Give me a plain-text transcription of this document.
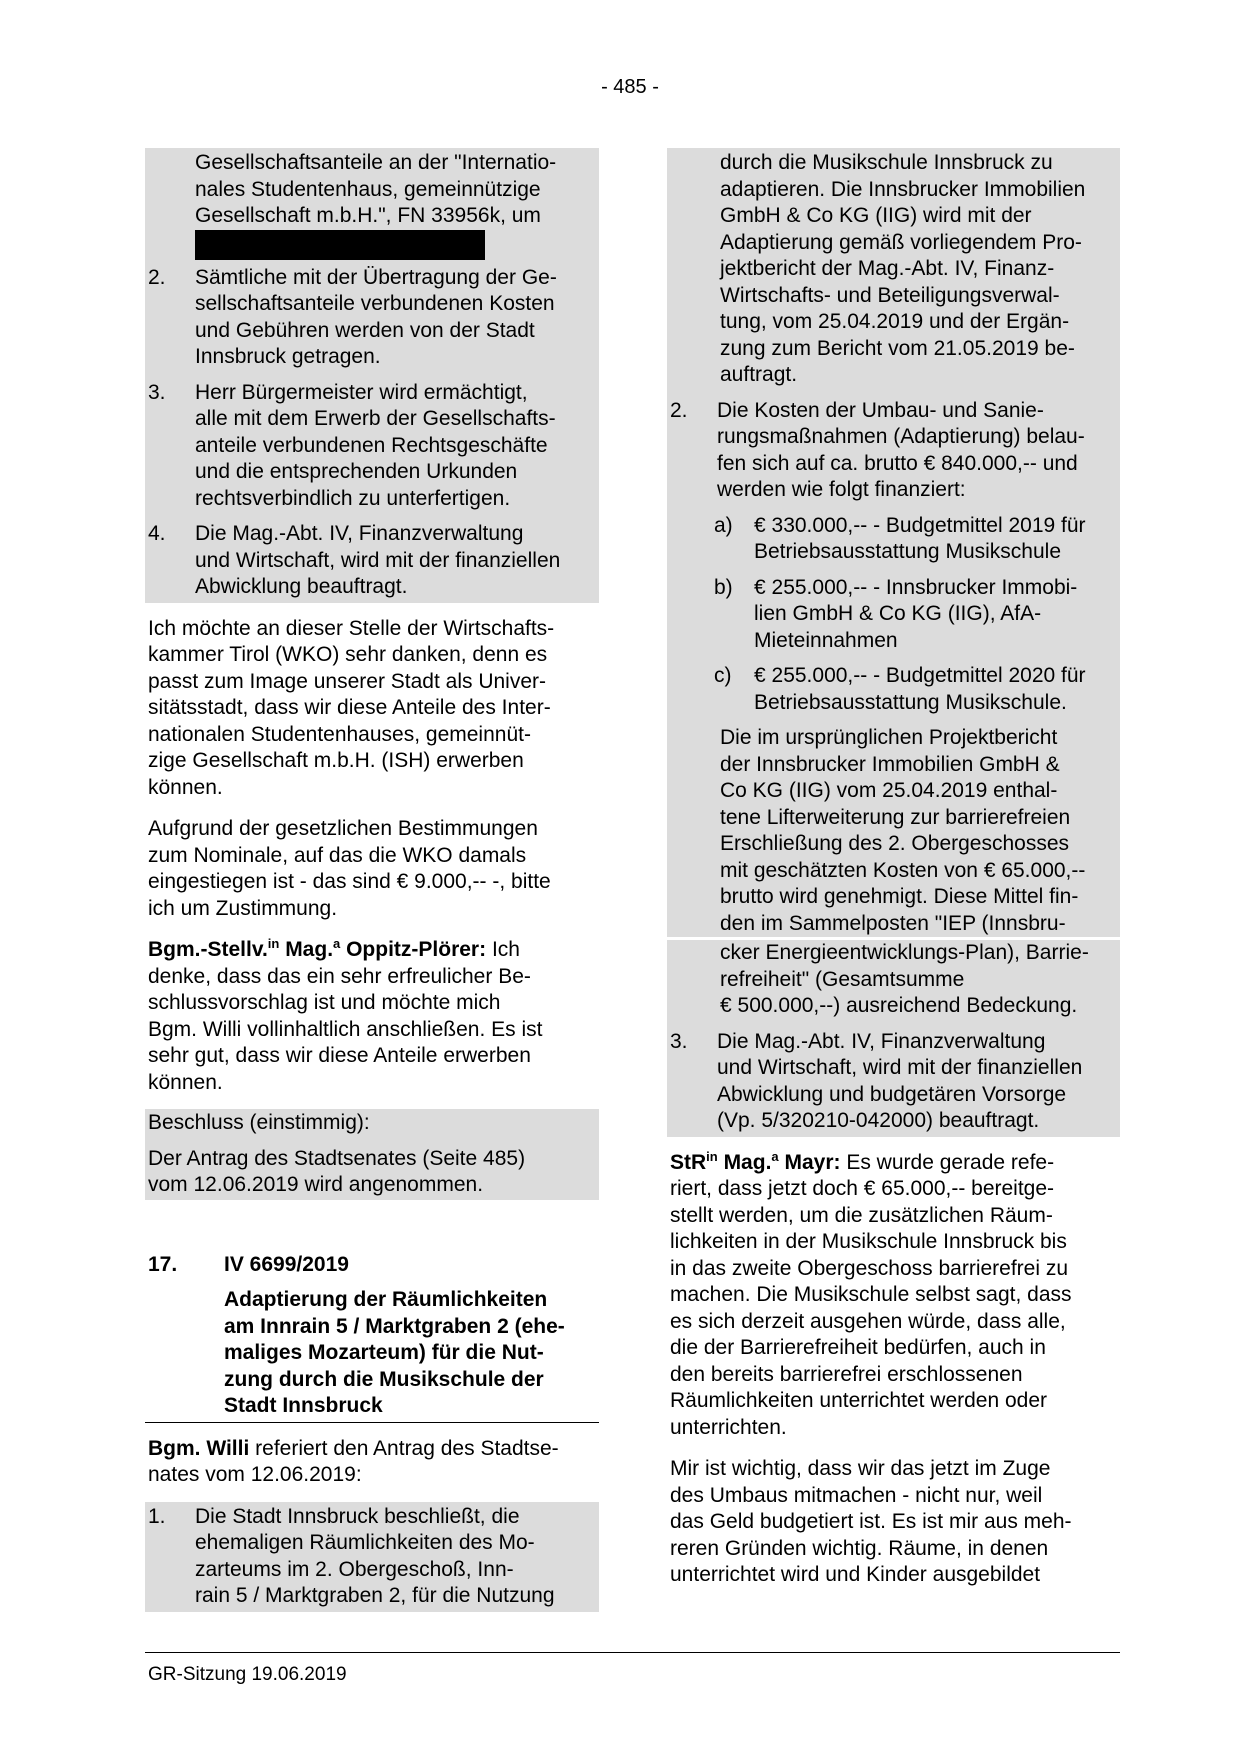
- 485 -
Gesellschaftsanteile an der "Internatio-
nales Studentenhaus, gemeinnützige
Gesellschaft m.b.H.", FN 33956k, um
2.	Sämtliche mit der Übertragung der Ge-
sellschaftsanteile verbundenen Kosten
und Gebühren werden von der Stadt
Innsbruck getragen.
3.	Herr Bürgermeister wird ermächtigt,
alle mit dem Erwerb der Gesellschafts-
anteile verbundenen Rechtsgeschäfte
und die entsprechenden Urkunden
rechtsverbindlich zu unterfertigen.
4.	Die Mag.-Abt. IV, Finanzverwaltung
und Wirtschaft, wird mit der finanziellen
Abwicklung beauftragt.
Ich möchte an dieser Stelle der Wirtschafts-
kammer Tirol (WKO) sehr danken, denn es
passt zum Image unserer Stadt als Univer-
sitätsstadt, dass wir diese Anteile des Inter-
nationalen Studentenhauses, gemeinnüt-
zige Gesellschaft m.b.H. (ISH) erwerben
können.
Aufgrund der gesetzlichen Bestimmungen
zum Nominale, auf das die WKO damals
eingestiegen ist - das sind € 9.000,-- -, bitte
ich um Zustimmung.
Bgm.-Stellv.$^{in}$ Mag.$^a$ Oppitz-Plörer: Ich
denke, dass das ein sehr erfreulicher Be-
schlussvorschlag ist und möchte mich
Bgm. Willi vollinhaltlich anschließen. Es ist
sehr gut, dass wir diese Anteile erwerben
können.
Beschluss (einstimmig):
Der Antrag des Stadtsenates (Seite 485)
vom 12.06.2019 wird angenommen.
17.	IV 6699/2019
Adaptierung der Räumlichkeiten
am Innrain 5 / Marktgraben 2 (ehe-
maliges Mozarteum) für die Nut-
zung durch die Musikschule der
Stadt Innsbruck
Bgm. Willi referiert den Antrag des Stadtse-
nates vom 12.06.2019:
1.	Die Stadt Innsbruck beschließt, die
ehemaligen Räumlichkeiten des Mo-
zarteums im 2. Obergeschoß, Inn-
rain 5 / Marktgraben 2, für die Nutzung
durch die Musikschule Innsbruck zu
adaptieren. Die Innsbrucker Immobilien
GmbH & Co KG (IIG) wird mit der
Adaptierung gemäß vorliegendem Pro-
jektbericht der Mag.-Abt. IV, Finanz-
Wirtschafts- und Beteiligungsverwal-
tung, vom 25.04.2019 und der Ergän-
zung zum Bericht vom 21.05.2019 be-
auftragt.
2.	Die Kosten der Umbau- und Sanie-
rungsmaßnahmen (Adaptierung) belau-
fen sich auf ca. brutto € 840.000,-- und
werden wie folgt finanziert:
a)	€ 330.000,-- - Budgetmittel 2019 für
Betriebsausstattung Musikschule
b)	€ 255.000,-- - Innsbrucker Immobi-
lien GmbH & Co KG (IIG), AfA-
Mieteinnahmen
c)	€ 255.000,-- - Budgetmittel 2020 für
Betriebsausstattung Musikschule.
Die im ursprünglichen Projektbericht
der Innsbrucker Immobilien GmbH &
Co KG (IIG) vom 25.04.2019 enthal-
tene Lifterweiterung zur barrierefreien
Erschließung des 2. Obergeschosses
mit geschätzten Kosten von € 65.000,--
brutto wird genehmigt. Diese Mittel fin-
den im Sammelposten "IEP (Innsbru-
cker Energieentwicklungs-Plan), Barrie-
refreiheit" (Gesamtsumme
€ 500.000,--) ausreichend Bedeckung.
3.	Die Mag.-Abt. IV, Finanzverwaltung
und Wirtschaft, wird mit der finanziellen
Abwicklung und budgetären Vorsorge
(Vp. 5/320210-042000) beauftragt.
StR$^{in}$ Mag.$^a$ Mayr: Es wurde gerade refe-
riert, dass jetzt doch € 65.000,-- bereitge-
stellt werden, um die zusätzlichen Räum-
lichkeiten in der Musikschule Innsbruck bis
in das zweite Obergeschoss barrierefrei zu
machen. Die Musikschule selbst sagt, dass
es sich derzeit ausgehen würde, dass alle,
die der Barrierefreiheit bedürfen, auch in
den bereits barrierefrei erschlossenen
Räumlichkeiten unterrichtet werden oder
unterrichten.
Mir ist wichtig, dass wir das jetzt im Zuge
des Umbaus mitmachen - nicht nur, weil
das Geld budgetiert ist. Es ist mir aus meh-
reren Gründen wichtig. Räume, in denen
unterrichtet wird und Kinder ausgebildet
GR-Sitzung 19.06.2019
